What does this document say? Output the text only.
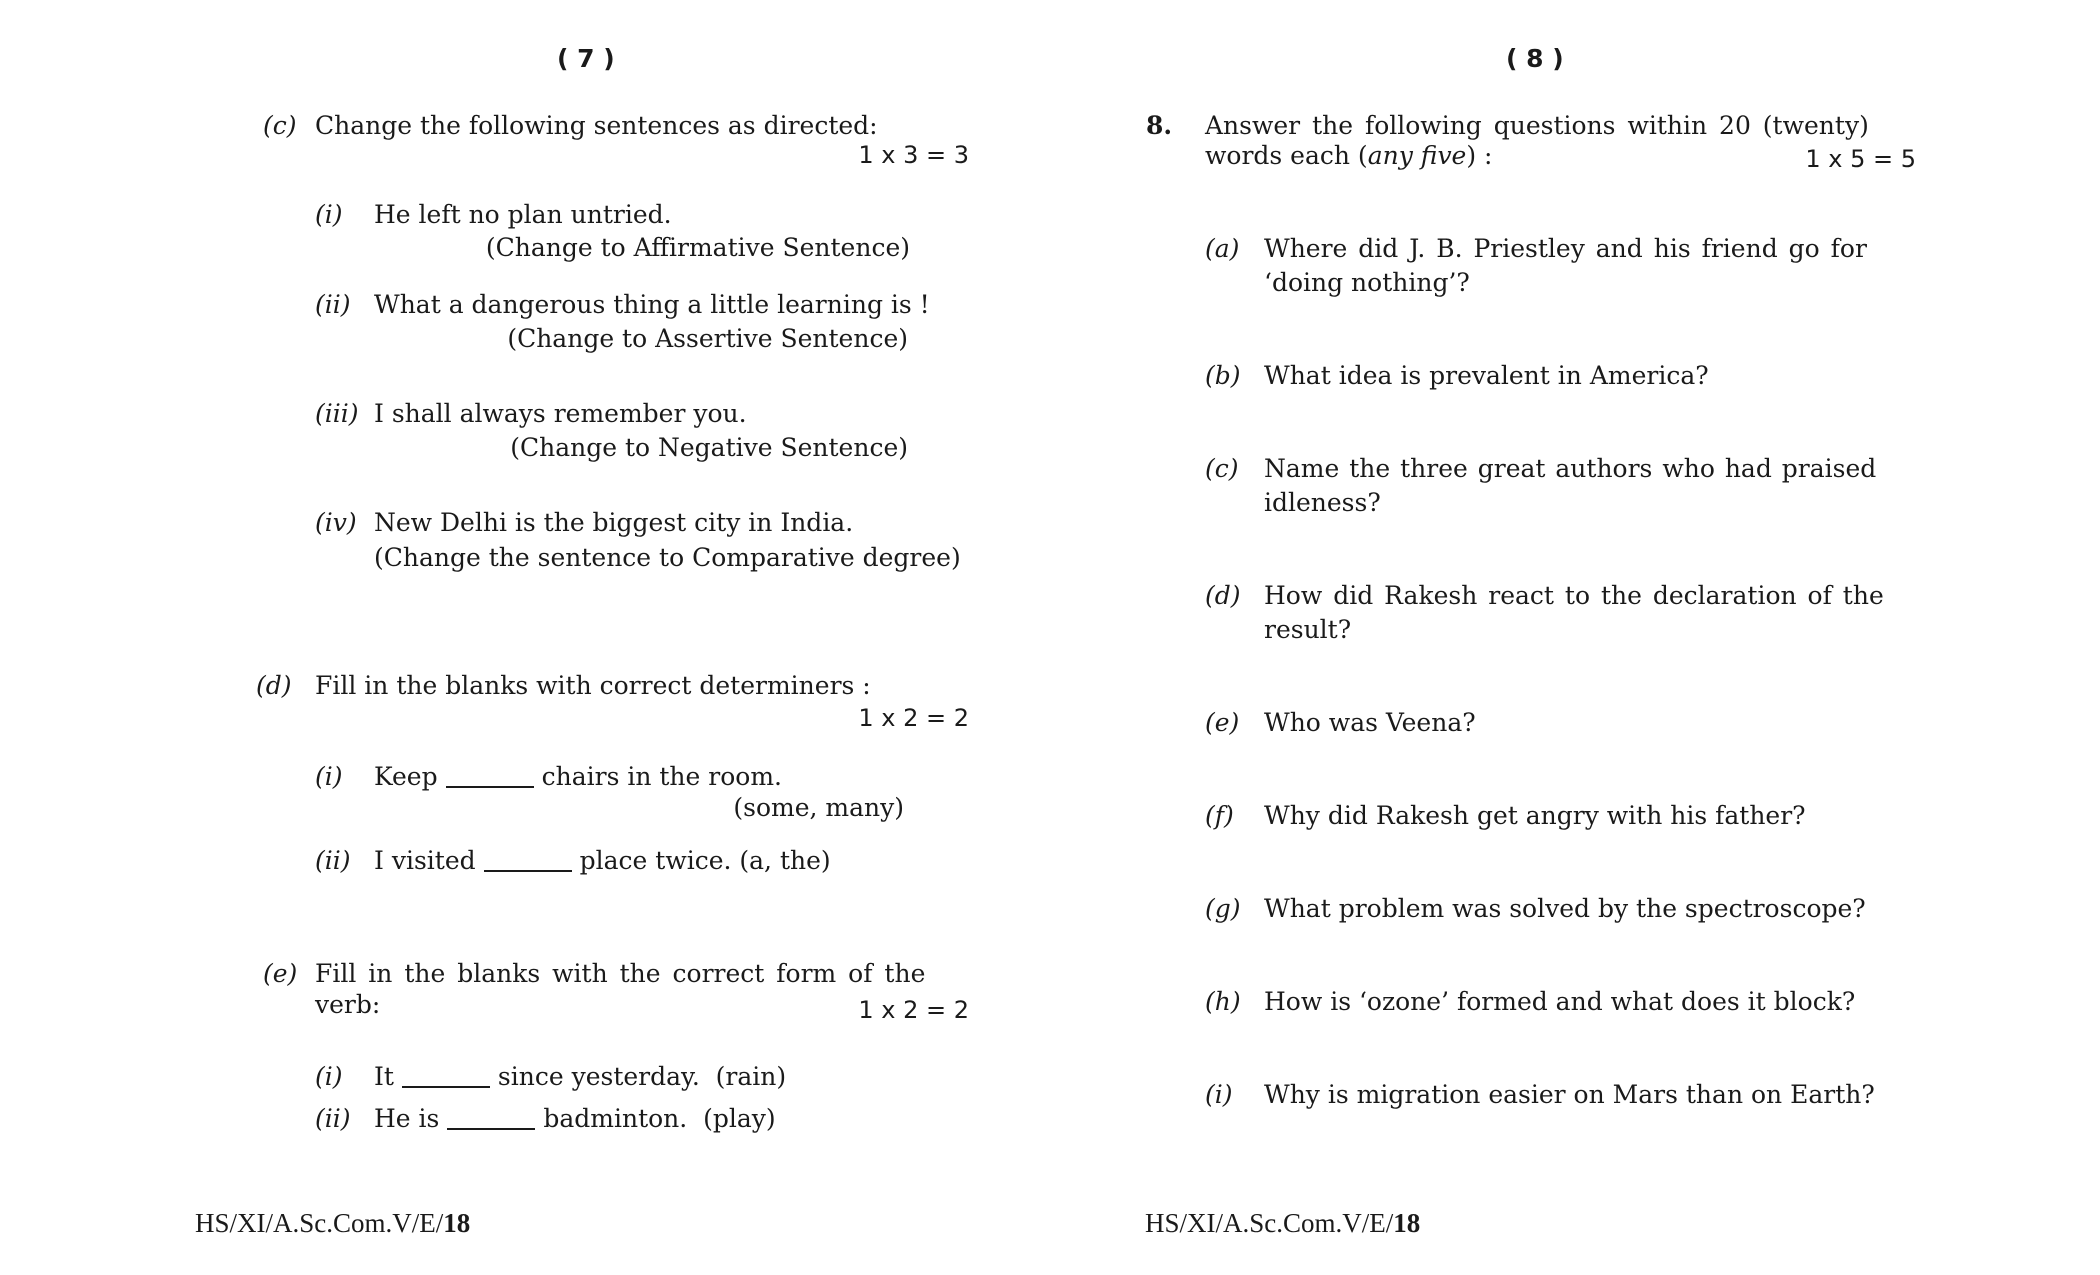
( 7 )
(c) Change the following sentences as directed:
1 x 3 = 3
(i) He left no plan untried.
(Change to Affirmative Sentence)
(ii) What a dangerous thing a little learning is !
(Change to Assertive Sentence)
(iii) I shall always remember you.
(Change to Negative Sentence)
(iv) New Delhi is the biggest city in India.
(Change the sentence to Comparative degree)
(d) Fill in the blanks with correct determiners :
1 x 2 = 2
(i) Keep	chairs in the room.
(some, many)
(ii) I visited	place twice. (a, the)
(e) Fill in the blanks with the correct form of the
verb:	1 x 2 = 2
(i) It	since yesterday.  (rain)
(ii) He is	badminton.  (play)
HS/XI/A.Sc.Com.V/E/18
( 8 )
8. Answer the following questions within 20 (twenty)
words each (any five) :	1 x 5 = 5
(a) Where did J. B. Priestley and his friend go for
‘doing nothing’?
(b) What idea is prevalent in America?
(c) Name the three great authors who had praised
idleness?
(d) How did Rakesh react to the declaration of the
result?
(e) Who was Veena?
(f) Why did Rakesh get angry with his father?
(g) What problem was solved by the spectroscope?
(h) How is ‘ozone’ formed and what does it block?
(i) Why is migration easier on Mars than on Earth?
HS/XI/A.Sc.Com.V/E/18
